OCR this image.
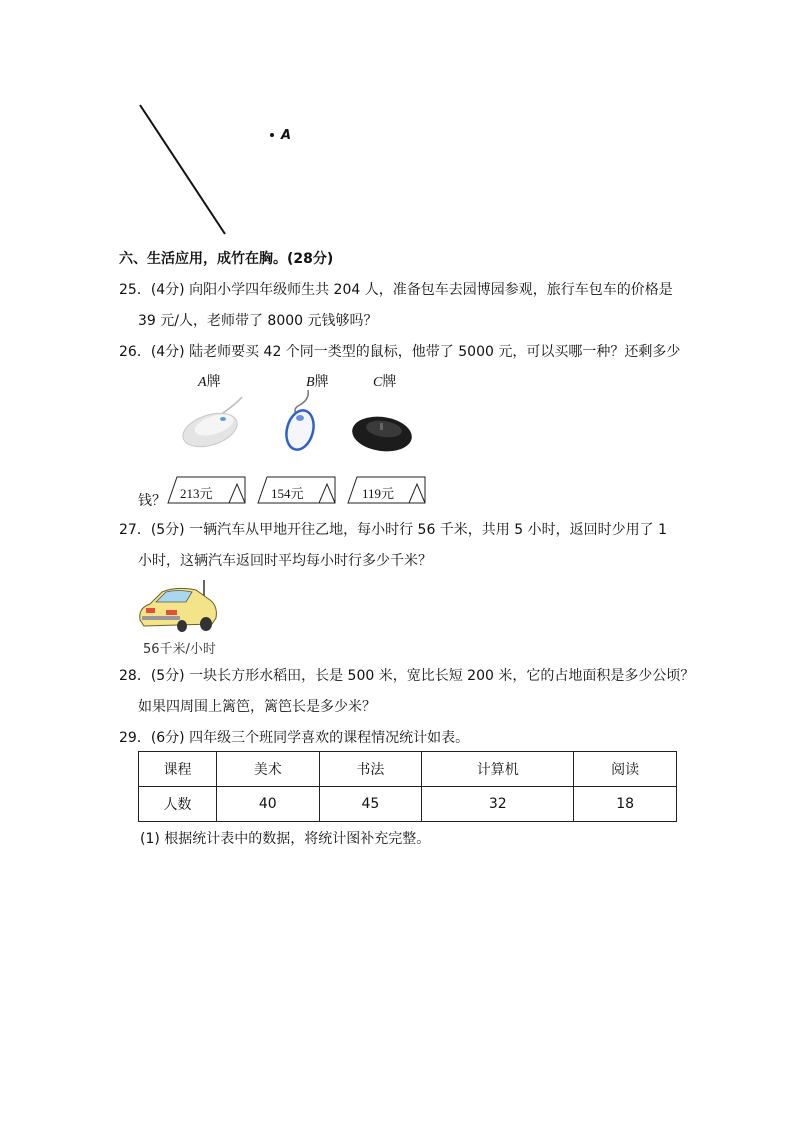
A
六、生活应用，成竹在胸。(28分)
25．(4分) 向阳小学四年级师生共 204 人，准备包车去园博园参观，旅行车包车的价格是
39 元/人，老师带了 8000 元钱够吗？
26．(4分) 陆老师要买 42 个同一类型的鼠标，他带了 5000 元，可以买哪一种？还剩多少
A牌	B牌	C牌
钱？ 213元	154元	119元
27．(5分) 一辆汽车从甲地开往乙地，每小时行 56 千米，共用 5 小时，返回时少用了 1
小时，这辆汽车返回时平均每小时行多少千米？
56千米/小时
28．(5分) 一块长方形水稻田，长是 500 米，宽比长短 200 米，它的占地面积是多少公顷？
如果四周围上篱笆，篱笆长是多少米？
29．(6分) 四年级三个班同学喜欢的课程情况统计如表。
课程	美术	书法	计算机	阅读
人数	40	45	32	18
(1) 根据统计表中的数据，将统计图补充完整。
